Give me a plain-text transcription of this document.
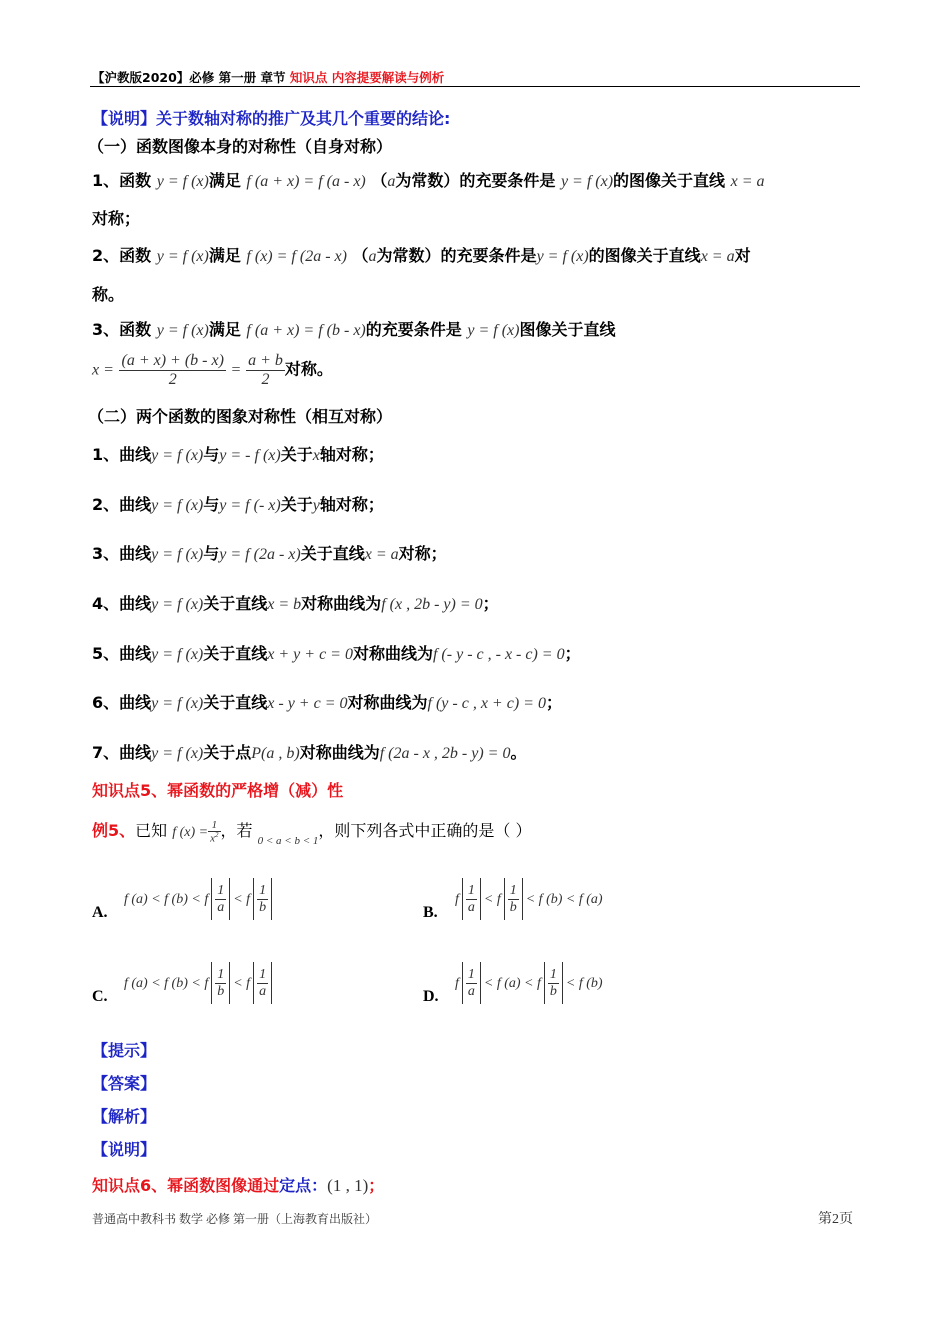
【沪教版2020】必修 第一册 章节 知识点 内容提要解读与例析
【说明】关于数轴对称的推广及其几个重要的结论:
（一）函数图像本身的对称性（自身对称）
1、函数 y = f (x)满足 f (a + x) = f (a - x) （a为常数）的充要条件是 y = f (x)的图像关于直线 x = a
对称；
2、函数 y = f (x)满足 f (x) = f (2a - x) （a为常数）的充要条件是y = f (x)的图像关于直线x = a对
称。
3、函数 y = f (x)满足 f (a + x) = f (b - x)的充要条件是 y = f (x)图像关于直线
$x = \frac{(a + x) + (b - x)}{2} = \frac{a + b}{2}$ 对称。
（二）两个函数的图象对称性（相互对称）
1、曲线y = f (x)与y = - f (x)关于x轴对称；
2、曲线y = f (x)与y = f (- x)关于y轴对称；
3、曲线y = f (x)与y = f (2a - x)关于直线x = a对称；
4、曲线y = f (x)关于直线x = b对称曲线为f (x , 2b - y) = 0；
5、曲线y = f (x)关于直线x + y + c = 0对称曲线为f (- y - c , - x - c) = 0；
6、曲线y = f (x)关于直线x - y + c = 0对称曲线为f (y - c , x + c) = 0；
7、曲线y = f (x)关于点P(a , b)对称曲线为f (2a - x , 2b - y) = 0。
知识点5、幂函数的严格增（减）性
例5、已知 f $(x) = \frac{1}{x^2}$ ，若 $_{0 < a < b < 1}$，则下列各式中正确的是（ ）
A.f (a) < f (b) < f $\frac{1}{a} < f \frac{1}{b}$	$B.f \frac{1}{a} < f \frac{1}{b} < f$ (b) < f (a)
C.f (a) < f (b) < f $\frac{1}{b} < f \frac{1}{a}$	$D.f \frac{1}{a} < f$ (a) < f $\frac{1}{b} < f$ (b)
【提示】
【答案】
【解析】
【说明】
知识点6、幂函数图像通过定点：(1 , 1)；
普通高中教科书 数学 必修 第一册（上海教育出版社）	第2页
